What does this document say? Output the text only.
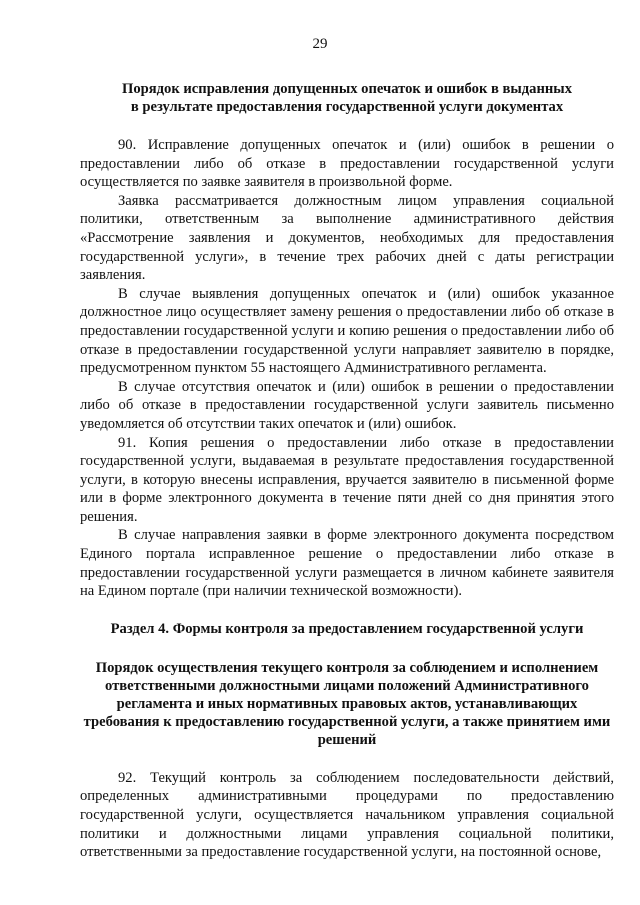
29
Порядок исправления допущенных опечаток и ошибок в выданных
в результате предоставления государственной услуги документах

90. Исправление допущенных опечаток и (или) ошибок в решении о предоставлении либо об отказе в предоставлении государственной услуги осуществляется по заявке заявителя в произвольной форме.

Заявка рассматривается должностным лицом управления социальной политики, ответственным за выполнение административного действия «Рассмотрение заявления и документов, необходимых для предоставления государственной услуги», в течение трех рабочих дней с даты регистрации заявления.

В случае выявления допущенных опечаток и (или) ошибок указанное должностное лицо осуществляет замену решения о предоставлении либо об отказе в предоставлении государственной услуги и копию решения о предоставлении либо об отказе в предоставлении государственной услуги направляет заявителю в порядке, предусмотренном пунктом 55 настоящего Административного регламента.

В случае отсутствия опечаток и (или) ошибок в решении о предоставлении либо об отказе в предоставлении государственной услуги заявитель письменно уведомляется об отсутствии таких опечаток и (или) ошибок.

91. Копия решения о предоставлении либо отказе в предоставлении государственной услуги, выдаваемая в результате предоставления государственной услуги, в которую внесены исправления, вручается заявителю в письменной форме или в форме электронного документа в течение пяти дней со дня принятия этого решения.

В случае направления заявки в форме электронного документа посредством Единого портала исправленное решение о предоставлении либо отказе в предоставлении государственной услуги размещается в личном кабинете заявителя на Едином портале (при наличии технической возможности).

Раздел 4. Формы контроля за предоставлением государственной услуги
Порядок осуществления текущего контроля за соблюдением и исполнением ответственными должностными лицами положений Административного регламента и иных нормативных правовых актов, устанавливающих требования к предоставлению государственной услуги, а также принятием ими решений

92. Текущий контроль за соблюдением последовательности действий, определенных административными процедурами по предоставлению государственной услуги, осуществляется начальником управления социальной политики и должностными лицами управления социальной политики, ответственными за предоставление государственной услуги, на постоянной основе,
